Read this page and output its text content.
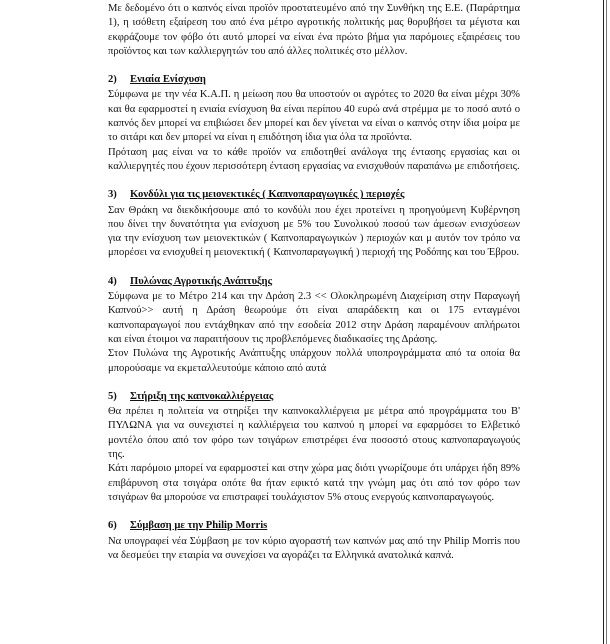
Με δεδομένο ότι ο καπνός είναι προϊόν προστατευμένο από την Συνθήκη της Ε.Ε. (Παράρτημα 1), η ισόθετη εξαίρεση του από ένα μέτρο αγροτικής πολιτικής μας θορυβήσει τα μέγιστα και εκφράζουμε τον φόβο ότι αυτό μπορεί να είναι ένα πρώτο βήμα για παρόμοιες εξαιρέσεις του προϊόντος και των καλλιεργητών του από άλλες πολιτικές στο μέλλον.

2) Ενιαία Ενίσχυση

Σύμφωνα με την νέα Κ.Α.Π. η μείωση που θα υποστούν οι αγρότες το 2020 θα είναι μέχρι 30% και θα εφαρμοστεί η ενιαία ενίσχυση θα είναι περίπου 40 ευρώ ανά στρέμμα με το ποσό αυτό ο καπνός δεν μπορεί να επιβιώσει δεν μπορεί και δεν γίνεται να είναι ο καπνός στην ίδια μοίρα με το σιτάρι και δεν μπορεί να είναι η επιδότηση ίδια για όλα τα προϊόντα.

Πρόταση μας είναι να το κάθε προϊόν να επιδοτηθεί ανάλογα της έντασης εργασίας και οι καλλιεργητές που έχουν περισσότερη ένταση εργασίας να ενισχυθούν παραπάνω με επιδοτήσεις.

3) Κονδύλι για τις μειονεκτικές ( Καπνοπαραγωγικές ) περιοχές

Σαν Θράκη να διεκδικήσουμε από το κονδύλι που έχει προτείνει η προηγούμενη Κυβέρνηση που δίνει την δυνατότητα για ενίσχυση με 5% του Συνολικού ποσού των άμεσων ενισχύσεων για την ενίσχυση των μειονεκτικών ( Καπνοπαραγωγικών ) περιοχών και μ αυτόν τον τρόπο να μπορέσει να ενισχυθεί η μειονεκτική ( Καπνοπαραγωγική ) περιοχή της Ροδόπης και του Έβρου.

4) Πυλώνας Αγροτικής Ανάπτυξης

Σύμφωνα με το Μέτρο 214 και την Δράση 2.3 << Ολοκληρωμένη Διαχείριση στην Παραγωγή Καπνού>> αυτή η Δράση θεωρούμε ότι είναι απαράδεκτη και οι 175 ενταγμένοι καπνοπαραγωγοί που εντάχθηκαν από την εσοδεία 2012 στην Δράση παραμένουν απλήρωτοι και είναι έτοιμοι να παραιτήσουν τις προβλεπόμενες διαδικασίες της Δράσης.

Στον Πυλώνα της Αγροτικής Ανάπτυξης υπάρχουν πολλά υποπρογράμματα από τα οποία θα μπορούσαμε να εκμεταλλευτούμε κάποιο από αυτά

5) Στήριξη της καπνοκαλλιέργειας

Θα πρέπει η πολιτεία να στηρίξει την καπνοκαλλιέργεια με μέτρα από προγράμματα του Β' ΠΥΛΩΝΑ για να συνεχιστεί η καλλιέργεια του καπνού η μπορεί να εφαρμόσει το Ελβετικό μοντέλο όπου από τον φόρο των τσιγάρων επιστρέφει ένα ποσοστό στους καπνοπαραγωγούς της.

Κάτι παρόμοιο μπορεί να εφαρμοστεί και στην χώρα μας διότι γνωρίζουμε ότι υπάρχει ήδη 89% επιβάρυνση στα τσιγάρα οπότε θα ήταν εφικτό κατά την γνώμη μας ότι από τον φόρο των τσιγάρων θα μπορούσε να επιστραφεί τουλάχιστον 5% στους ενεργούς καπνοπαραγωγούς.

6) Σύμβαση με την Philip Morris

Να υπογραφεί νέα Σύμβαση με τον κύριο αγοραστή των καπνών μας από την Philip Morris που να δεσμεύει την εταιρία να συνεχίσει να αγοράζει τα Ελληνικά ανατολικά καπνά.
